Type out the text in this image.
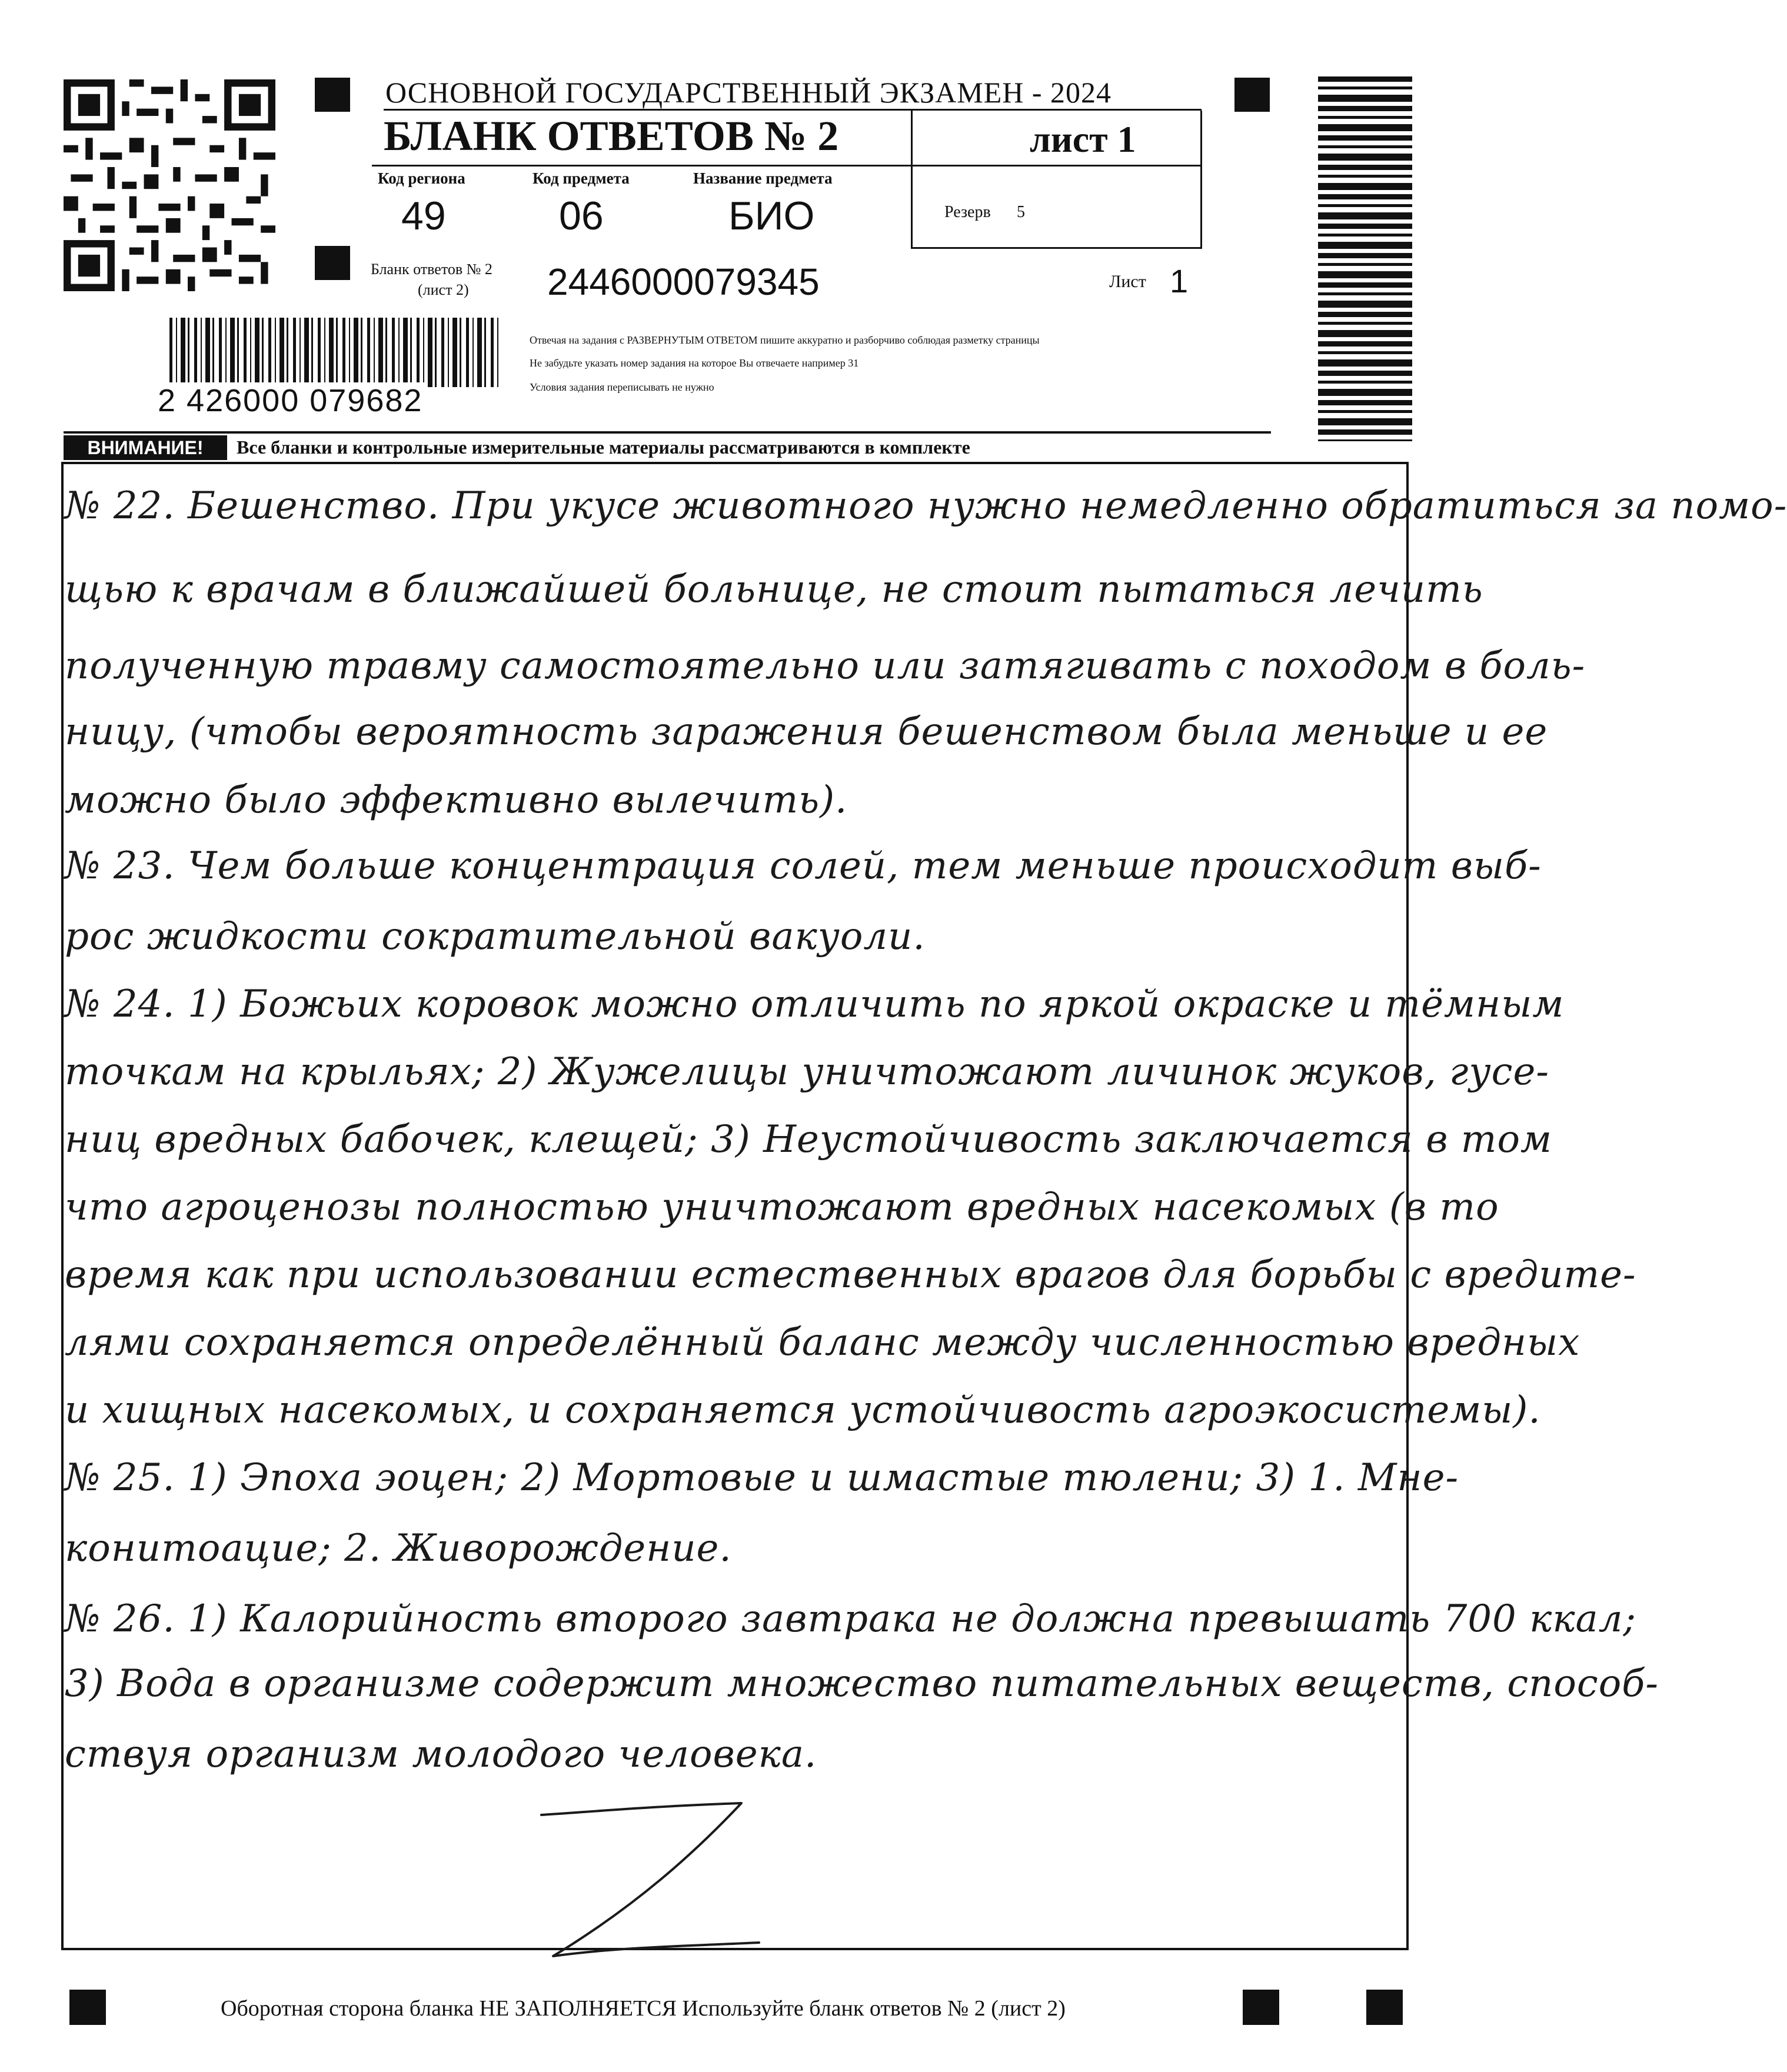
ОСНОВНОЙ ГОСУДАРСТВЕННЫЙ ЭКЗАМЕН - 2024
БЛАНК ОТВЕТОВ № 2	лист 1
Код региона
49
Код предмета
06
Название предмета
БИО	Резерв 5
Бланк ответов № 2
(лист 2) 2446000079345	Лист 1
2 426000 079682
Отвечая на задания с РАЗВЕРНУТЫМ ОТВЕТОМ пишите аккуратно и разборчиво соблюдая разметку страницы
Не забудьте указать номер задания на которое Вы отвечаете например 31
Условия задания переписывать не нужно
ВНИМАНИЕ!	Все бланки и контрольные измерительные материалы рассматриваются в комплекте
№ 22. Бешенство. При укусе животного нужно немедленно обратиться за помо-
щью к врачам в ближайшей больнице, не стоит пытаться лечить
полученную травму самостоятельно или затягивать с походом в боль-
ницу, (чтобы вероятность заражения бешенством была меньше и ее
можно было эффективно вылечить).
№ 23. Чем больше концентрация солей, тем меньше происходит выб-
рос жидкости сократительной вакуоли.
№ 24. 1) Божьих коровок можно отличить по яркой окраске и тёмным
точкам на крыльях; 2) Жужелицы уничтожают личинок жуков, гусе-
ниц вредных бабочек, клещей; 3) Неустойчивость заключается в том
что агроценозы полностью уничтожают вредных насекомых (в то
время как при использовании естественных врагов для борьбы с вредите-
лями сохраняется определённый баланс между численностью вредных
и хищных насекомых, и сохраняется устойчивость агроэкосистемы).
№ 25. 1) Эпоха эоцен; 2) Мортовые и шмастые тюлени; 3) 1. Мне-
конитоацие; 2. Живорождение.
№ 26. 1) Калорийность второго завтрака не должна превышать 700 ккал;
3) Вода в организме содержит множество питательных веществ, способ-
ствуя организм молодого человека.
Оборотная сторона бланка НЕ ЗАПОЛНЯЕТСЯ Используйте бланк ответов № 2 (лист 2)
